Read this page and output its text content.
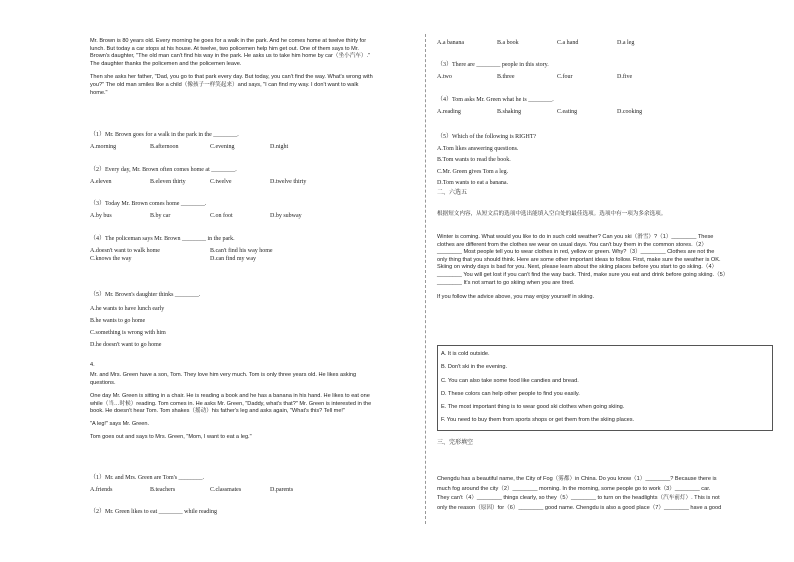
Mr. Brown is 80 years old. Every morning he goes for a walk in the park. And he comes home at twelve thirty for

lunch. But today a car stops at his house. At twelve, two policemen help him get out. One of them says to Mr.

Brown's daughter, "The old man can't find his way in the park. He asks us to take him home by car（坐小汽车）."

The daughter thanks the policemen and the policemen leave.

Then she asks her father, "Dad, you go to that park every day. But today, you can't find the way. What's wrong with

you?" The old man smiles like a child（像孩子一样笑起来）and says, "I can find my way. I don't want to walk

home."

（1）Mr. Brown goes for a walk in the park in the ________.

A.morning	B.afternoon	C.evening	D.night

（2）Every day, Mr. Brown often comes home at ________.

A.eleven	B.eleven thirty	C.twelve	D.twelve thirty

（3）Today Mr. Brown comes home ________.

A.by bus	B.by car	C.on foot	D.by subway

（4）The policeman says Mr. Brown ________ in the park.

A.doesn't want to walk home	B.can't find his way home
C.knows the way	D.can find my way

（5）Mr. Brown's daughter thinks ________.

A.he wants to have lunch early

B.he wants to go home

C.something is wrong with him

D.he doesn't want to go home

4.

Mr. and Mrs. Green have a son, Tom. They love him very much. Tom is only three years old. He likes asking

questions.

One day Mr. Green is sitting in a chair. He is reading a book and he has a banana in his hand. He likes to eat one

while（当…时候）reading. Tom comes in. He asks Mr. Green, "Daddy, what's that?" Mr. Green is interested in the

book. He doesn't hear Tom. Tom shakes（摇动）his father's leg and asks again, "What's this? Tell me!"

"A leg!" says Mr. Green.

Tom goes out and says to Mrs. Green, "Mom, I want to eat a leg."

（1）Mr. and Mrs. Green are Tom's ________.

A.friends	B.teachers	C.classmates	D.parents

（2）Mr. Green likes to eat ________ while reading

A.a banana	B.a book	C.a hand	D.a leg

（3）There are ________ people in this story.

A.two	B.three	C.four	D.five

（4）Tom asks Mr. Green what he is ________.

A.reading	B.shaking	C.eating	D.cooking

（5）Which of the following is RIGHT?

A.Tom likes answering questions.

B.Tom wants to read the book.

C.Mr. Green gives Tom a leg.

D.Tom wants to eat a banana.

二、六选五

根据短文内容，从短文后的选项中选出能填入空白处的最佳选项。选项中有一项为多余选项。

Winter is coming. What would you like to do in such cold weather? Can you ski（滑雪）?（1）________ These

clothes are different from the clothes we wear on usual days. You can't buy them in the common stores.（2）

________ Most people tell you to wear clothes in red, yellow or green. Why?（3）________ Clothes are not the

only thing that you should think. Here are some other important ideas to follow. First, make sure the weather is OK.

Skiing on windy days is bad for you. Next, please learn about the skiing places before you start to go skiing.（4）

________ You will get lost if you can't find the way back. Third, make sure you eat and drink before going skiing.（5）

________ It's not smart to go skiing when you are tired.

If you follow the advice above, you may enjoy yourself in skiing.

A. It is cold outside.

B. Don't ski in the evening.

C. You can also take some food like candies and bread.

D. These colors can help other people to find you easily.

E. The most important thing is to wear good ski clothes when going skiing.

F. You need to buy them from sports shops or get them from the skiing places.

三、完形填空

Chengdu has a beautiful name, the City of Fog（雾都）in China. Do you know（1）________? Because there is

much fog around the city（2）________ morning. In the morning, some people go to work（3）________ car.

They can't（4）________ things clearly, so they（5）________ to turn on the headlights（汽车前灯）. This is not

only the reason（原因）for（6）________ good name. Chengdu is also a good place（7）________ have a good
